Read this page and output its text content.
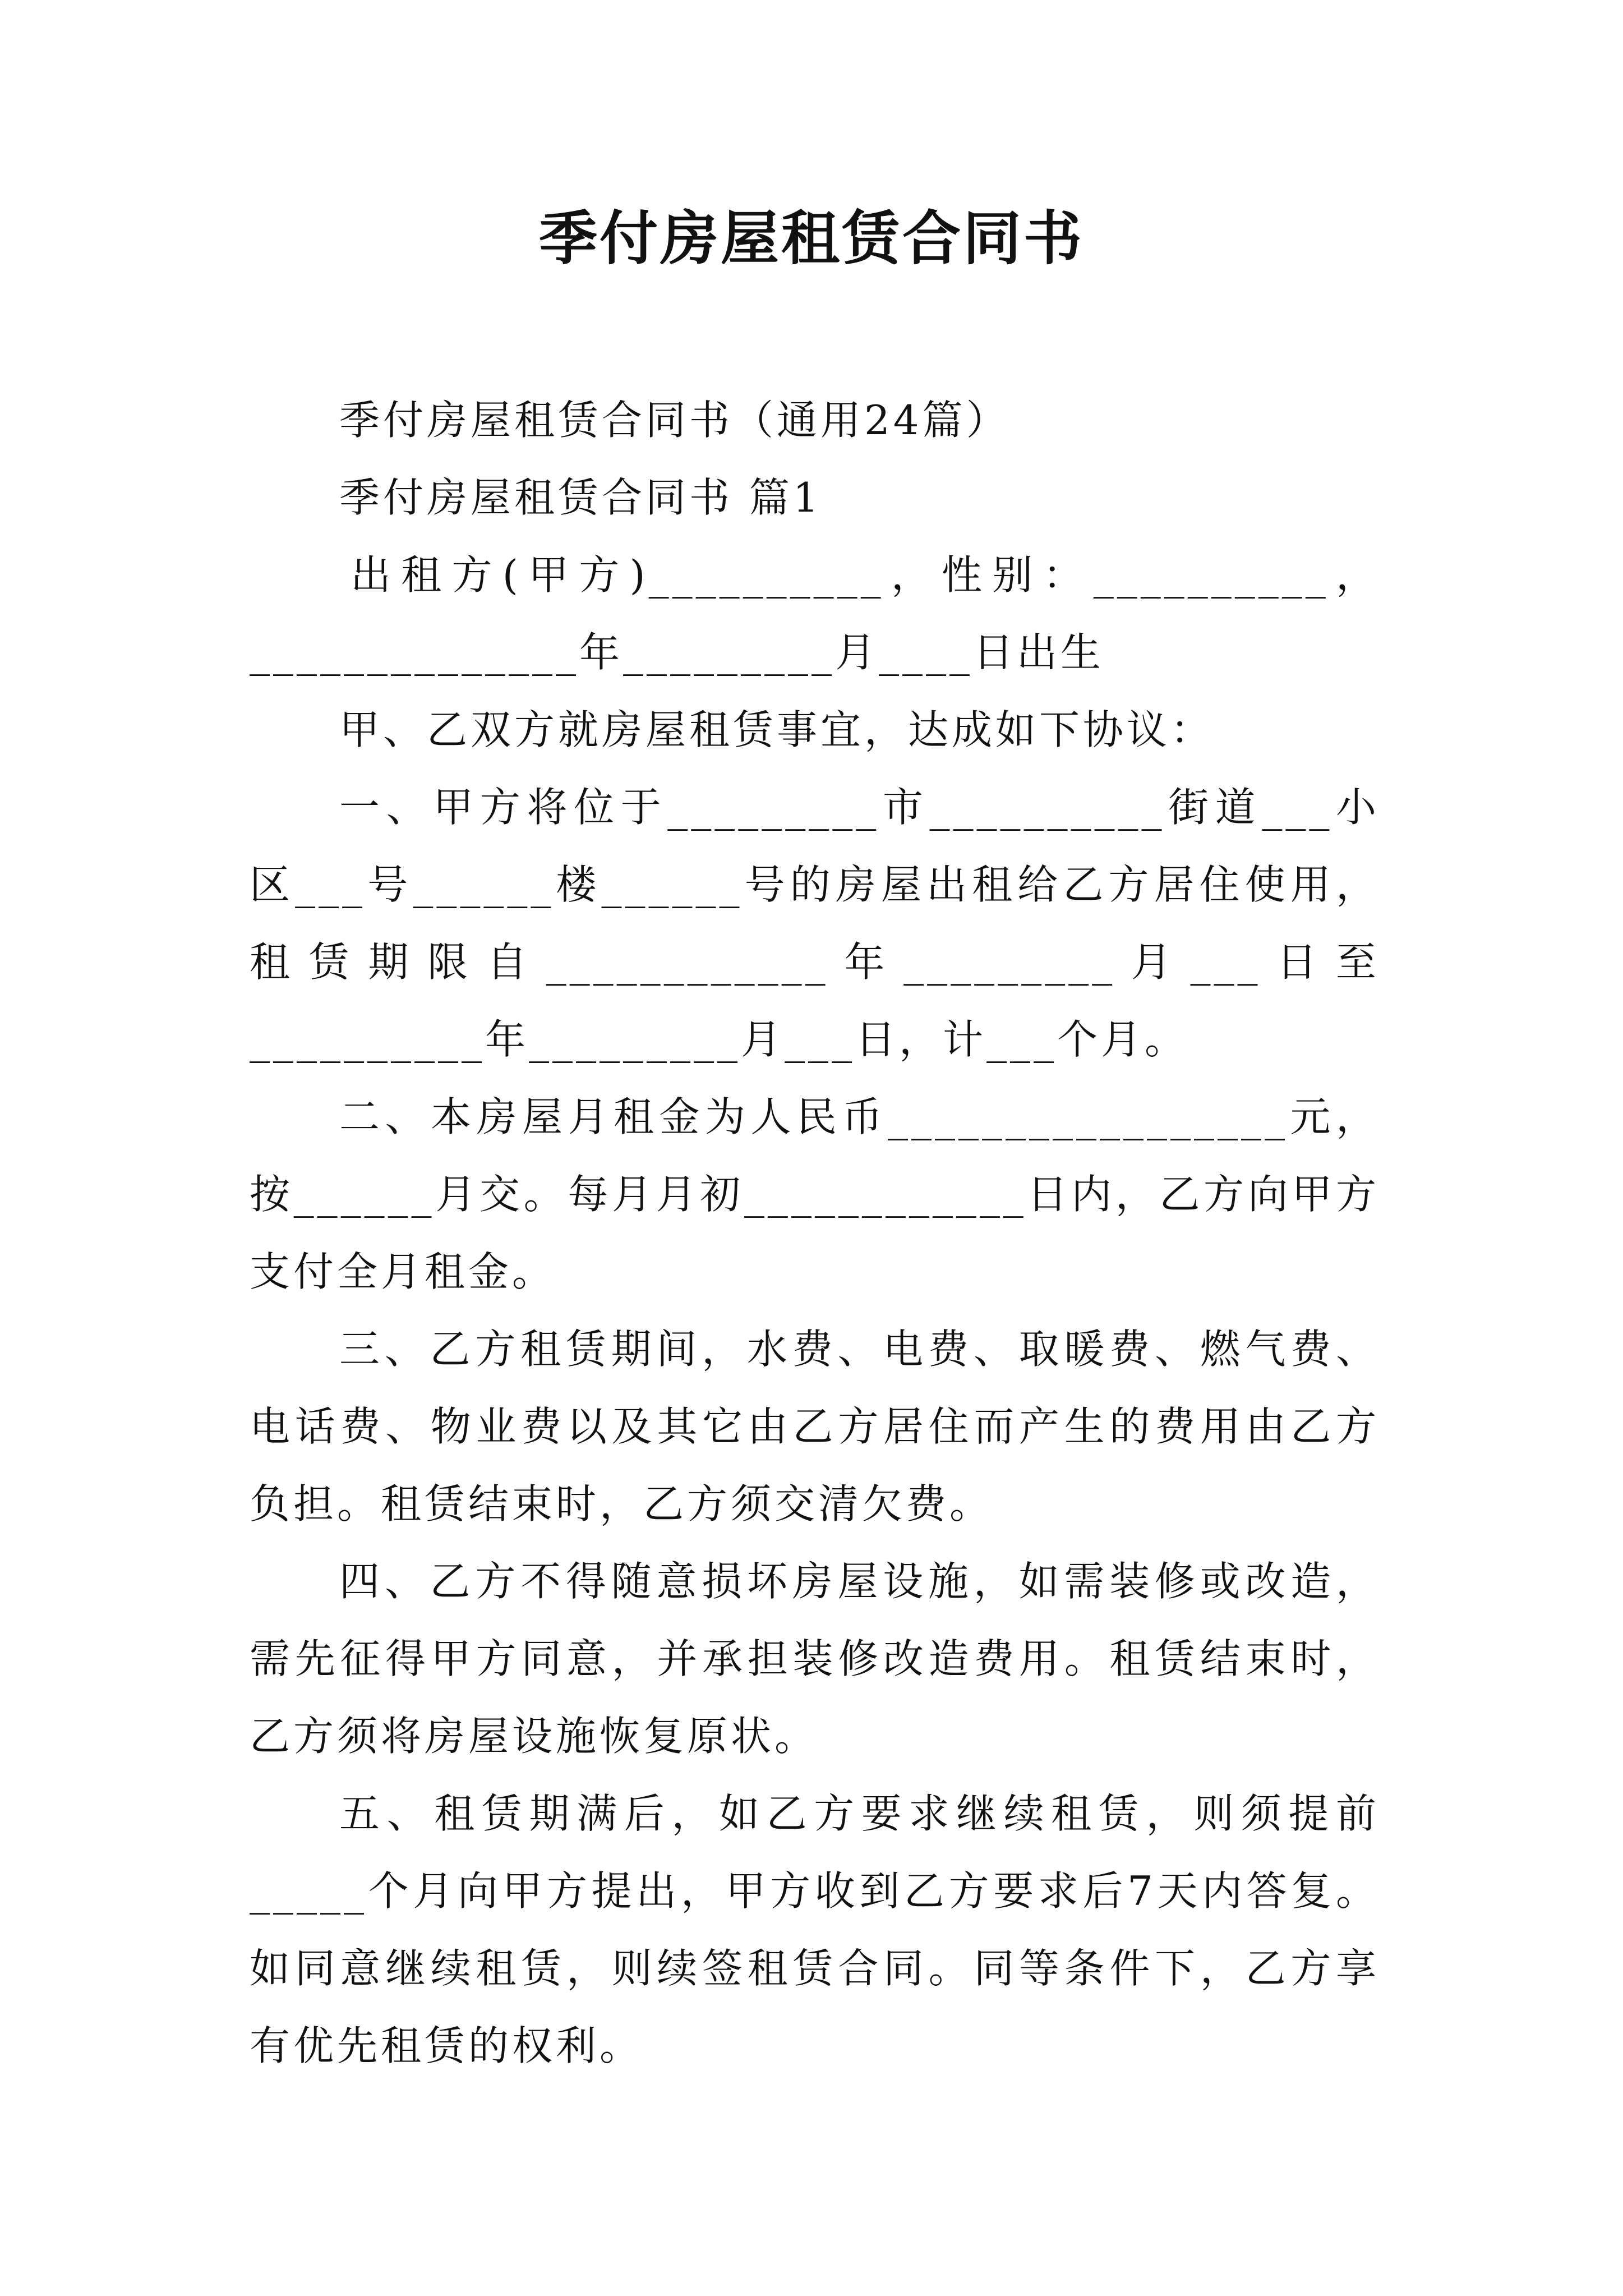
季付房屋租赁合同书

季付房屋租赁合同书（通用24篇）

季付房屋租赁合同书 篇1

出租方(甲方)__________，性别：__________，______________年_________月____日出生

甲、乙双方就房屋租赁事宜，达成如下协议：

一、甲方将位于_________市__________街道___小区___号______楼______号的房屋出租给乙方居住使用，租赁期限自____________年_________月___日至__________年_________月___日，计___个月。

二、本房屋月租金为人民币_________________元，按______月交。每月月初____________日内，乙方向甲方支付全月租金。

三、乙方租赁期间，水费、电费、取暖费、燃气费、电话费、物业费以及其它由乙方居住而产生的费用由乙方负担。租赁结束时，乙方须交清欠费。

四、乙方不得随意损坏房屋设施，如需装修或改造，需先征得甲方同意，并承担装修改造费用。租赁结束时，乙方须将房屋设施恢复原状。

五、租赁期满后，如乙方要求继续租赁，则须提前_____个月向甲方提出，甲方收到乙方要求后7天内答复。如同意继续租赁，则续签租赁合同。同等条件下，乙方享有优先租赁的权利。
